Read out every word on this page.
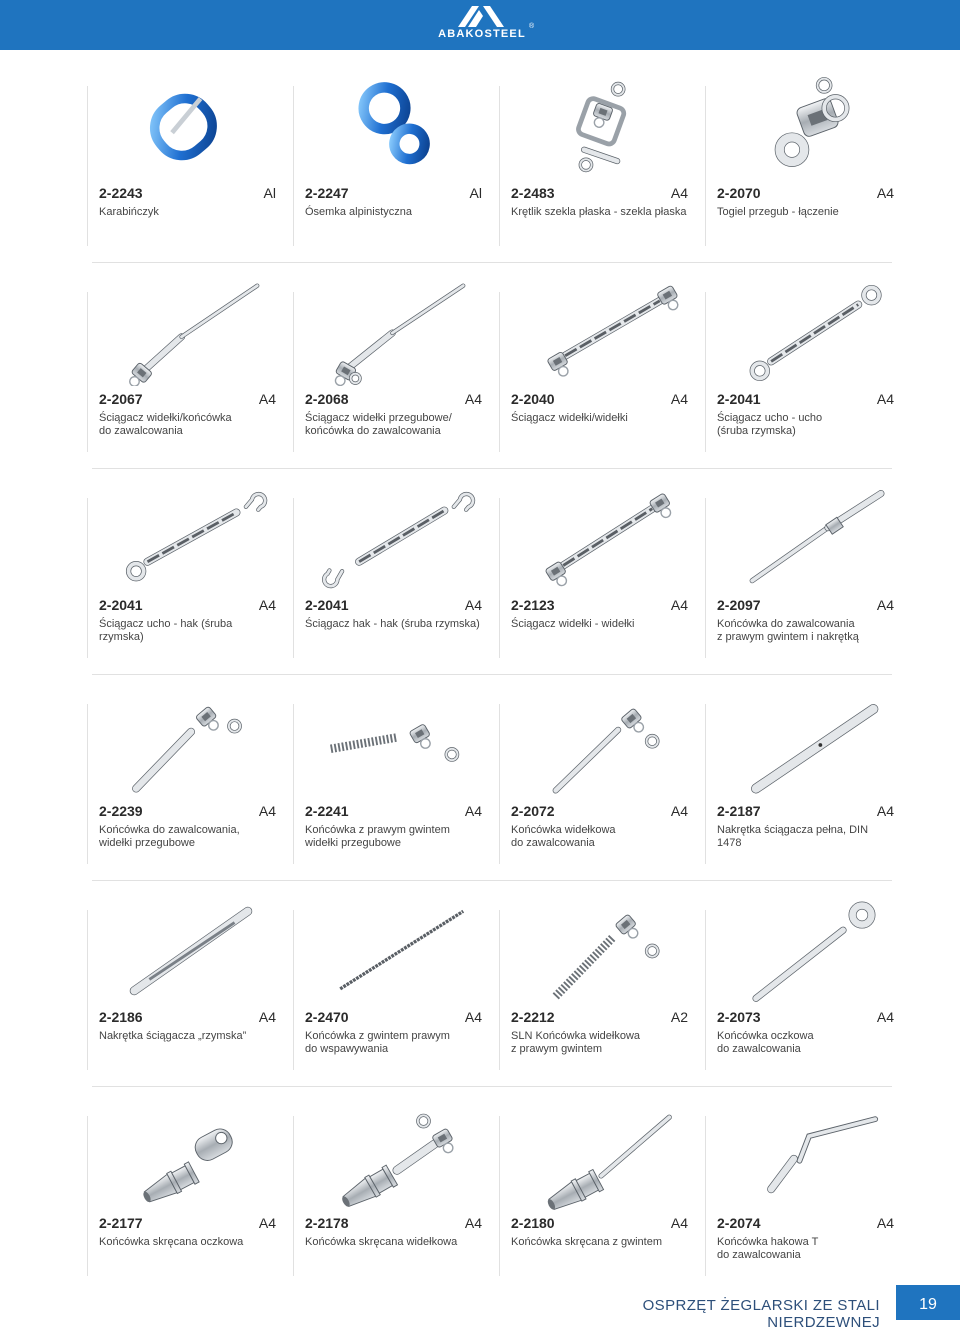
ABAKOSTEEL
®
2-2243	Al
Karabińczyk
2-2247	Al
Ósemka alpinistyczna
2-2483	A4
Krętlik szekla płaska - szekla płaska
2-2070	A4
Togiel przegub - łączenie
2-2067	A4
Ściągacz widełki/końcówka
do zawalcowania
2-2068	A4
Ściągacz widełki przegubowe/
końcówka do zawalcowania
2-2040	A4
Ściągacz widełki/widełki
2-2041	A4
Ściągacz ucho - ucho
(śruba rzymska)
2-2041	A4
Ściągacz ucho - hak (śruba rzymska)
2-2041	A4
Ściągacz hak - hak (śruba rzymska)
2-2123	A4
Ściągacz widełki - widełki
2-2097	A4
Końcówka do zawalcowania
z prawym gwintem i nakrętką
2-2239	A4
Końcówka do zawalcowania,
widełki przegubowe
2-2241	A4
Końcówka z prawym gwintem
widełki przegubowe
2-2072	A4
Końcówka widełkowa
do zawalcowania
2-2187	A4
Nakrętka ściągacza pełna, DIN 1478
2-2186	A4
Nakrętka ściągacza „rzymska”
2-2470	A4
Końcówka z gwintem prawym
do wspawywania
2-2212	A2
SLN Końcówka widełkowa
z prawym gwintem
2-2073	A4
Końcówka oczkowa
do zawalcowania
2-2177	A4
Końcówka skręcana oczkowa
2-2178	A4
Końcówka skręcana widełkowa
2-2180	A4
Końcówka skręcana z gwintem
2-2074	A4
Końcówka hakowa T
do zawalcowania
OSPRZĘT ŻEGLARSKI ZE STALI NIERDZEWNEJ
19
